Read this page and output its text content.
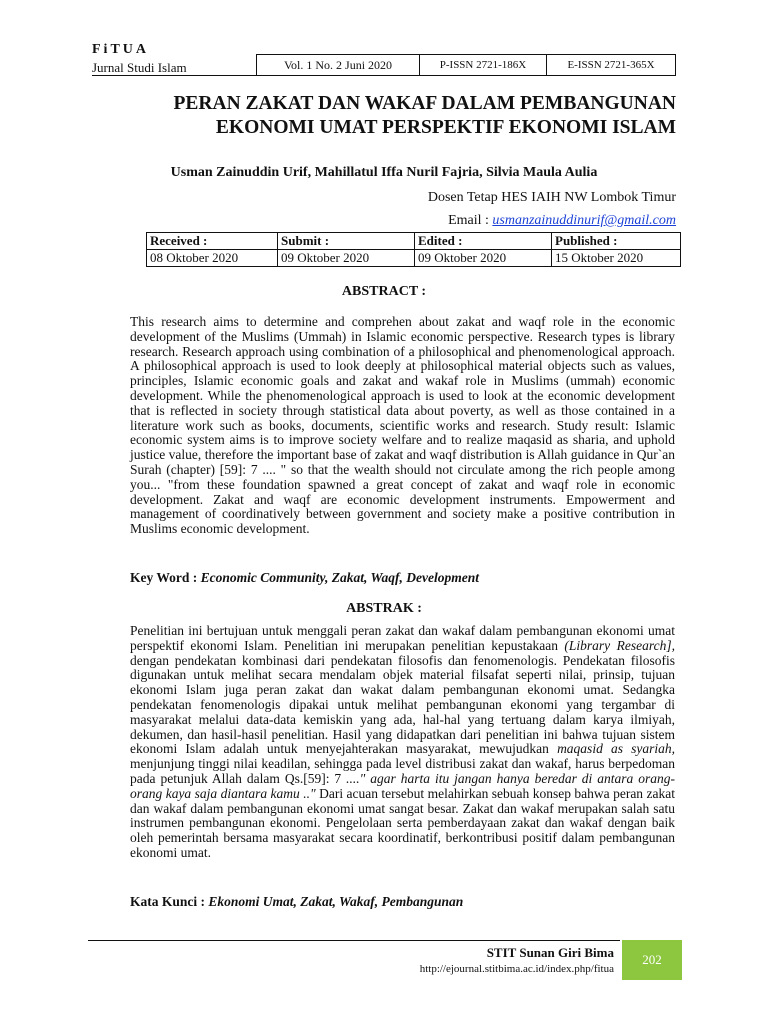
FiTUA
Jurnal Studi Islam	Vol. 1 No. 2 Juni 2020	P-ISSN 2721-186X	E-ISSN 2721-365X
PERAN ZAKAT DAN WAKAF DALAM PEMBANGUNAN
EKONOMI UMAT PERSPEKTIF EKONOMI ISLAM
Usman Zainuddin Urif, Mahillatul Iffa Nuril Fajria, Silvia Maula Aulia
Dosen Tetap HES IAIH NW Lombok Timur
Email : usmanzainuddinurif@gmail.com
Received :	Submit :	Edited :	Published :
08 Oktober 2020	09 Oktober 2020	09 Oktober 2020	15 Oktober 2020
ABSTRACT :
This research aims to determine and comprehen about zakat and waqf role in the economic development of the Muslims (Ummah) in Islamic economic perspective. Research types is library research. Research approach using combination of a philosophical and phenomenological approach. A philosophical approach is used to look deeply at philosophical material objects such as values, principles, Islamic economic goals and zakat and wakaf role in Muslims (ummah) economic development. While the phenomenological approach is used to look at the economic development that is reflected in society through statistical data about poverty, as well as those contained in a literature work such as books, documents, scientific works and research. Study result: Islamic economic system aims is to improve society welfare and to realize maqasid as sharia, and uphold justice value, therefore the important base of zakat and waqf distribution is Allah guidance in Qur`an Surah (chapter) [59]: 7 .... " so that the wealth should not circulate among the rich people among you... "from these foundation spawned a great concept of zakat and waqf role in economic development. Zakat and waqf are economic development instruments. Empowerment and management of coordinatively between government and society make a positive contribution in Muslims economic development.
Key Word : Economic Community, Zakat, Waqf, Development
ABSTRAK :
Penelitian ini bertujuan untuk menggali peran zakat dan wakaf dalam pembangunan ekonomi umat perspektif ekonomi Islam. Penelitian ini merupakan penelitian kepustakaan (Library Research], dengan pendekatan kombinasi dari pendekatan filosofis dan fenomenologis. Pendekatan filosofis digunakan untuk melihat secara mendalam objek material filsafat seperti nilai, prinsip, tujuan ekonomi Islam juga peran zakat dan wakat dalam pembangunan ekonomi umat. Sedangka pendekatan fenomenologis dipakai untuk melihat pembangunan ekonomi yang tergambar di masyarakat melalui data-data kemiskin yang ada, hal-hal yang tertuang dalam karya ilmiyah, dekumen, dan hasil-hasil penelitian. Hasil yang didapatkan dari penelitian ini bahwa tujuan sistem ekonomi Islam adalah untuk menyejahterakan masyarakat, mewujudkan maqasid as syariah, menjunjung tinggi nilai keadilan, sehingga pada level distribusi zakat dan wakaf, harus berpedoman pada petunjuk Allah dalam Qs.[59]: 7 ...." agar harta itu jangan hanya beredar di antara orang-orang kaya saja diantara kamu .." Dari acuan tersebut melahirkan sebuah konsep bahwa peran zakat dan wakaf dalam pembangunan ekonomi umat sangat besar. Zakat dan wakaf merupakan salah satu instrumen pembangunan ekonomi. Pengelolaan serta pemberdayaan zakat dan wakaf dengan baik oleh pemerintah bersama masyarakat secara koordinatif, berkontribusi positif dalam pembangunan ekonomi umat.
Kata Kunci : Ekonomi Umat, Zakat, Wakaf, Pembangunan
STIT Sunan Giri Bima
http://ejournal.stitbima.ac.id/index.php/fitua
202
